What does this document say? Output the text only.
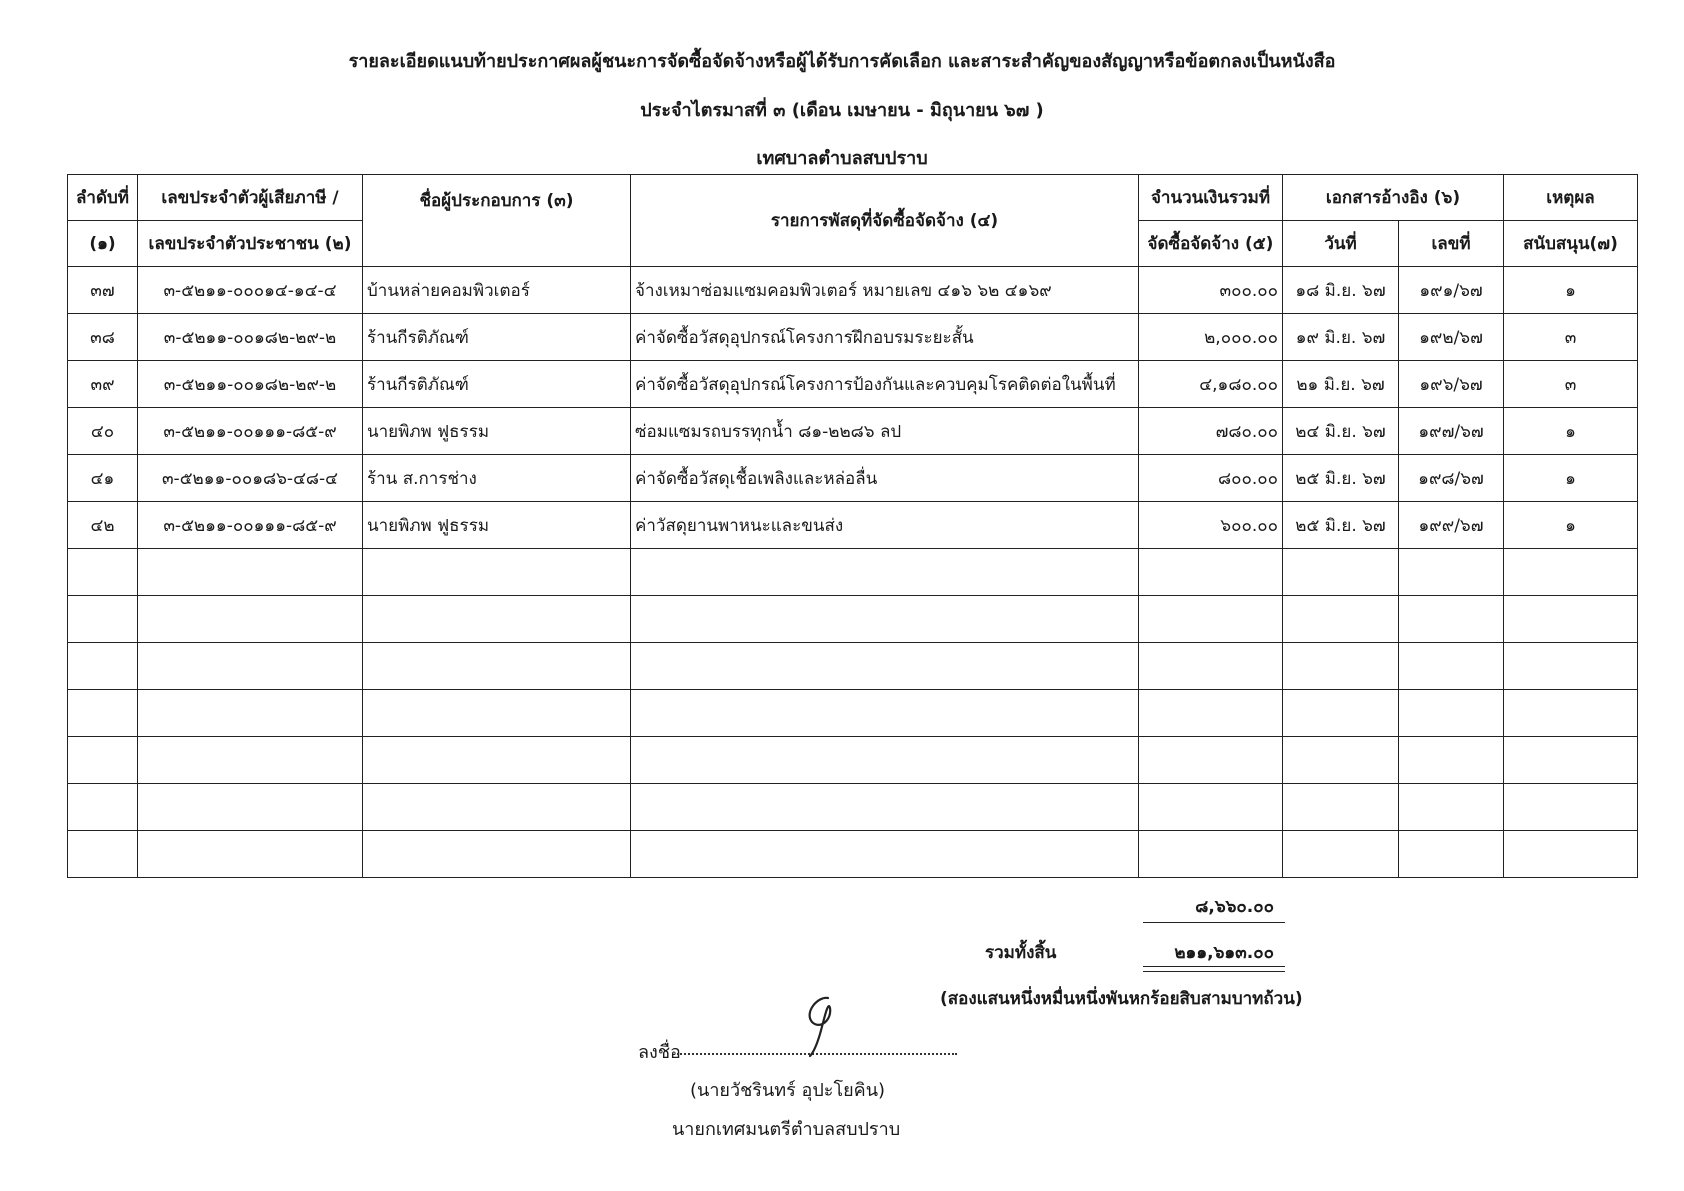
รายละเอียดแนบท้ายประกาศผลผู้ชนะการจัดซื้อจัดจ้างหรือผู้ได้รับการคัดเลือก และสาระสำคัญของสัญญาหรือข้อตกลงเป็นหนังสือ
ประจำไตรมาสที่ ๓ (เดือน เมษายน - มิถุนายน ๖๗ )
เทศบาลตำบลสบปราบ
ลำดับที่	เลขประจำตัวผู้เสียภาษี /	ชื่อผู้ประกอบการ (๓)	รายการพัสดุที่จัดซื้อจัดจ้าง (๔)	จำนวนเงินรวมที่	เอกสารอ้างอิง (๖)		เหตุผล
(๑)	เลขประจำตัวประชาชน (๒)			จัดซื้อจัดจ้าง (๕)	วันที่	เลขที่	สนับสนุน(๗)
๓๗	๓-๕๒๑๑-๐๐๐๑๔-๑๔-๔	บ้านหล่ายคอมพิวเตอร์	จ้างเหมาซ่อมแซมคอมพิวเตอร์ หมายเลข ๔๑๖ ๖๒ ๔๑๖๙	๓๐๐.๐๐	๑๘ มิ.ย. ๖๗	๑๙๑/๖๗	๑
๓๘	๓-๕๒๑๑-๐๐๑๘๒-๒๙-๒	ร้านกีรติภัณฑ์	ค่าจัดซื้อวัสดุอุปกรณ์โครงการฝึกอบรมระยะสั้น	๒,๐๐๐.๐๐	๑๙ มิ.ย. ๖๗	๑๙๒/๖๗	๓
๓๙	๓-๕๒๑๑-๐๐๑๘๒-๒๙-๒	ร้านกีรติภัณฑ์	ค่าจัดซื้อวัสดุอุปกรณ์โครงการป้องกันและควบคุมโรคติดต่อในพื้นที่	๔,๑๘๐.๐๐	๒๑ มิ.ย. ๖๗	๑๙๖/๖๗	๓
๔๐	๓-๕๒๑๑-๐๐๑๑๑-๘๕-๙	นายพิภพ ฟูธรรม	ซ่อมแซมรถบรรทุกน้ำ ๘๑-๒๒๘๖ ลป	๗๘๐.๐๐	๒๔ มิ.ย. ๖๗	๑๙๗/๖๗	๑
๔๑	๓-๕๒๑๑-๐๐๑๘๖-๔๘-๔	ร้าน ส.การช่าง	ค่าจัดซื้อวัสดุเชื้อเพลิงและหล่อลื่น	๘๐๐.๐๐	๒๕ มิ.ย. ๖๗	๑๙๘/๖๗	๑
๔๒	๓-๕๒๑๑-๐๐๑๑๑-๘๕-๙	นายพิภพ ฟูธรรม	ค่าวัสดุยานพาหนะและขนส่ง	๖๐๐.๐๐	๒๕ มิ.ย. ๖๗	๑๙๙/๖๗	๑

๘,๖๖๐.๐๐
รวมทั้งสิ้น	๒๑๑,๖๑๓.๐๐
(สองแสนหนึ่งหมื่นหนึ่งพันหกร้อยสิบสามบาทถ้วน)
ลงชื่อ
(นายวัชรินทร์ อุปะโยคิน)
นายกเทศมนตรีตำบลสบปราบ
